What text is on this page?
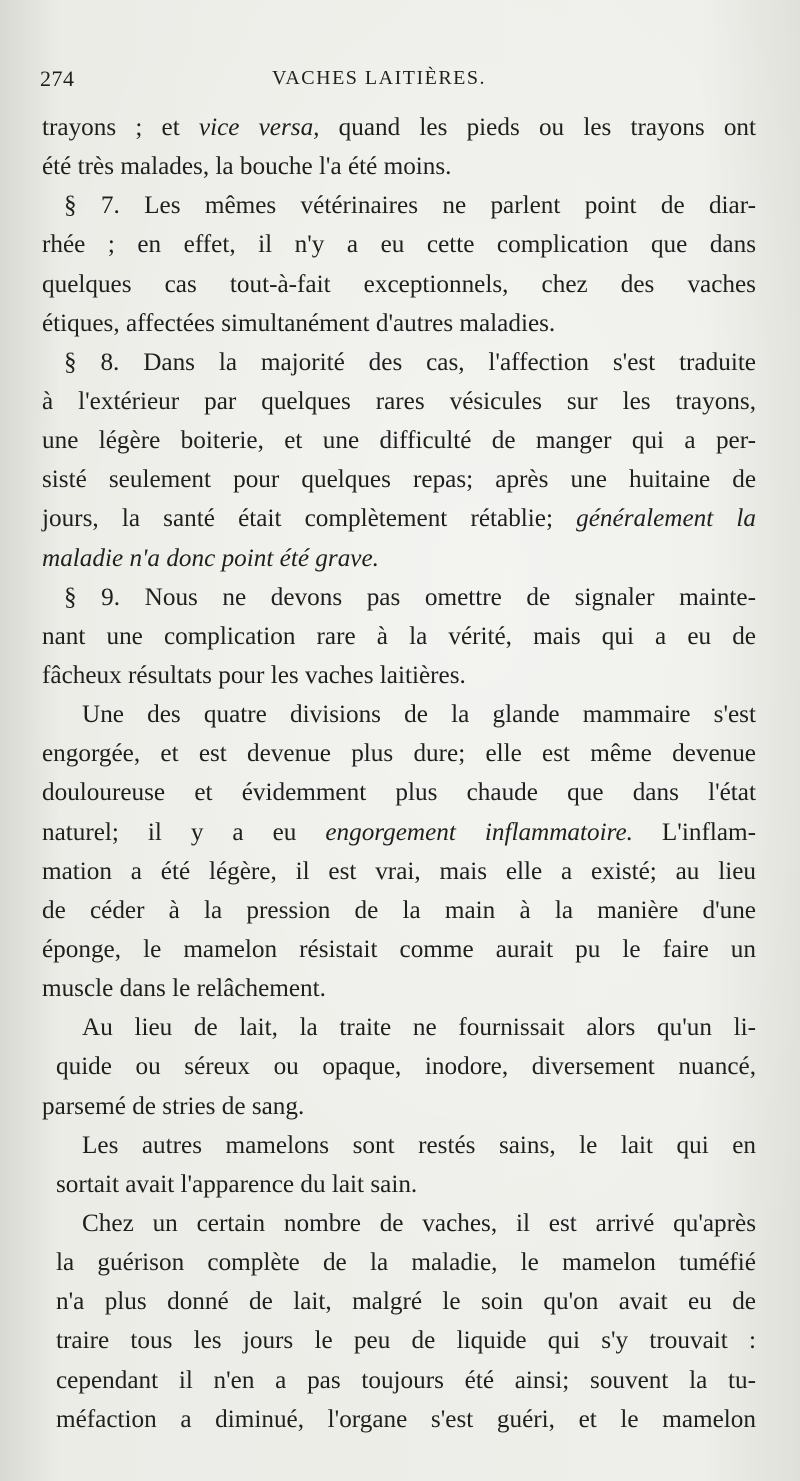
274	VACHES LAITIÈRES.
trayons ; et vice versa, quand les pieds ou les trayons ont
été très malades, la bouche l'a été moins.
§ 7. Les mêmes vétérinaires ne parlent point de diar-
rhée ; en effet, il n'y a eu cette complication que dans
quelques cas tout-à-fait exceptionnels, chez des vaches
étiques, affectées simultanément d'autres maladies.
§ 8. Dans la majorité des cas, l'affection s'est traduite
à l'extérieur par quelques rares vésicules sur les trayons,
une légère boiterie, et une difficulté de manger qui a per-
sisté seulement pour quelques repas; après une huitaine de
jours, la santé était complètement rétablie; généralement la
maladie n'a donc point été grave.
§ 9. Nous ne devons pas omettre de signaler mainte-
nant une complication rare à la vérité, mais qui a eu de
fâcheux résultats pour les vaches laitières.
Une des quatre divisions de la glande mammaire s'est
engorgée, et est devenue plus dure; elle est même devenue
douloureuse et évidemment plus chaude que dans l'état
naturel; il y a eu engorgement inflammatoire. L'inflam-
mation a été légère, il est vrai, mais elle a existé; au lieu
de céder à la pression de la main à la manière d'une
éponge, le mamelon résistait comme aurait pu le faire un
muscle dans le relâchement.
Au lieu de lait, la traite ne fournissait alors qu'un li-
quide ou séreux ou opaque, inodore, diversement nuancé,
parsemé de stries de sang.
Les autres mamelons sont restés sains, le lait qui en
sortait avait l'apparence du lait sain.
Chez un certain nombre de vaches, il est arrivé qu'après
la guérison complète de la maladie, le mamelon tuméfié
n'a plus donné de lait, malgré le soin qu'on avait eu de
traire tous les jours le peu de liquide qui s'y trouvait :
cependant il n'en a pas toujours été ainsi; souvent la tu-
méfaction a diminué, l'organe s'est guéri, et le mamelon
